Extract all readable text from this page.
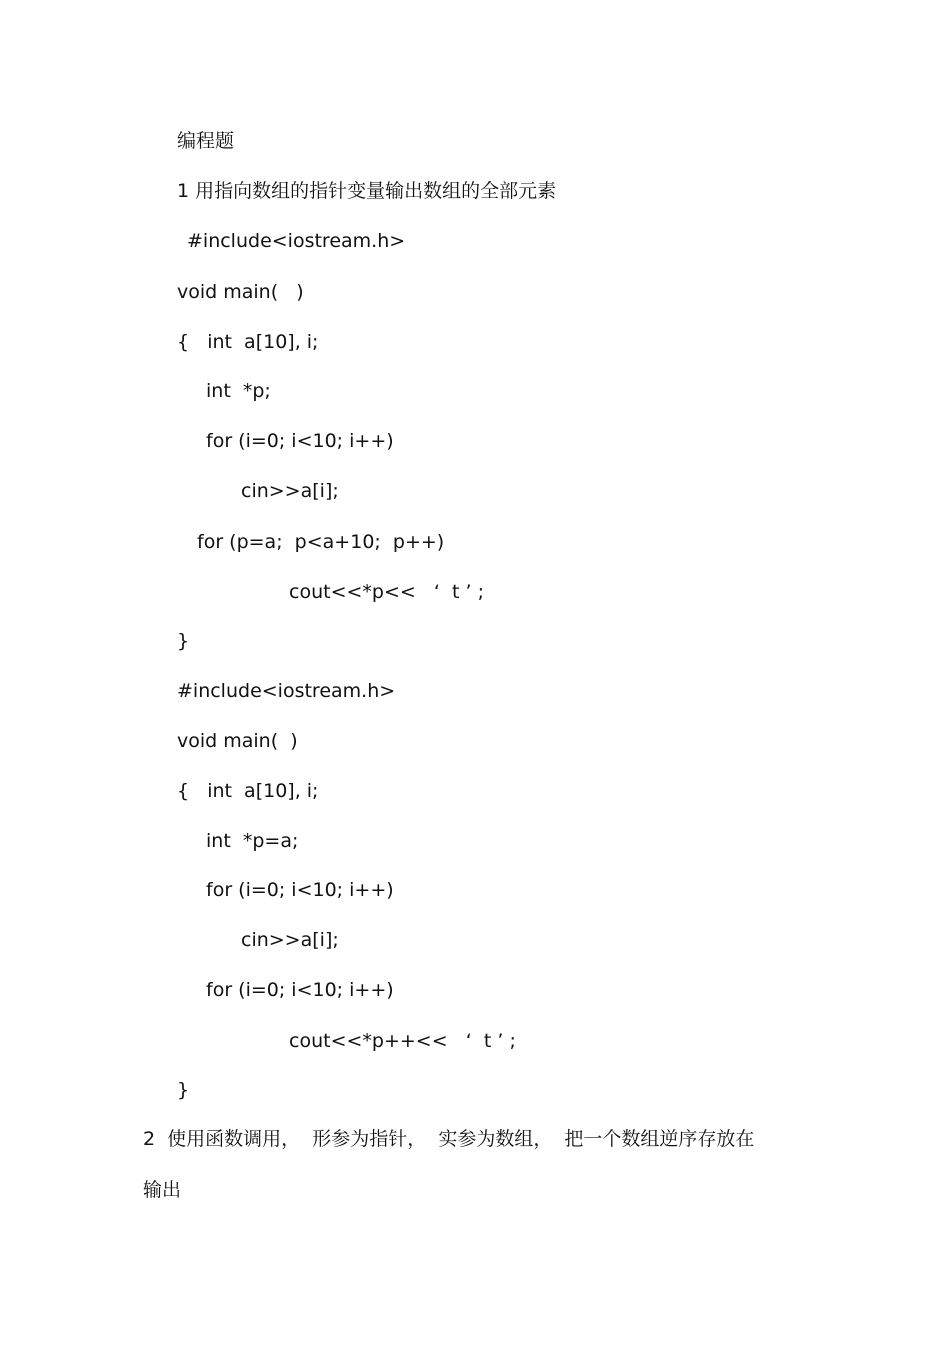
编程题
1 用指向数组的指针变量输出数组的全部元素
#include<iostream.h>
void main(   )
{   int  a[10], i;
int  *p;
for (i=0; i<10; i++)
cin>>a[i];
for (p=a;  p<a+10;  p++)
cout<<*p<<   ‘  t ’ ;
}
#include<iostream.h>
void main(  )
{   int  a[10], i;
int  *p=a;
for (i=0; i<10; i++)
cin>>a[i];
for (i=0; i<10; i++)
cout<<*p++<<   ‘  t ’ ;
}
2  使用函数调用，  形参为指针，  实参为数组，  把一个数组逆序存放在
输出
